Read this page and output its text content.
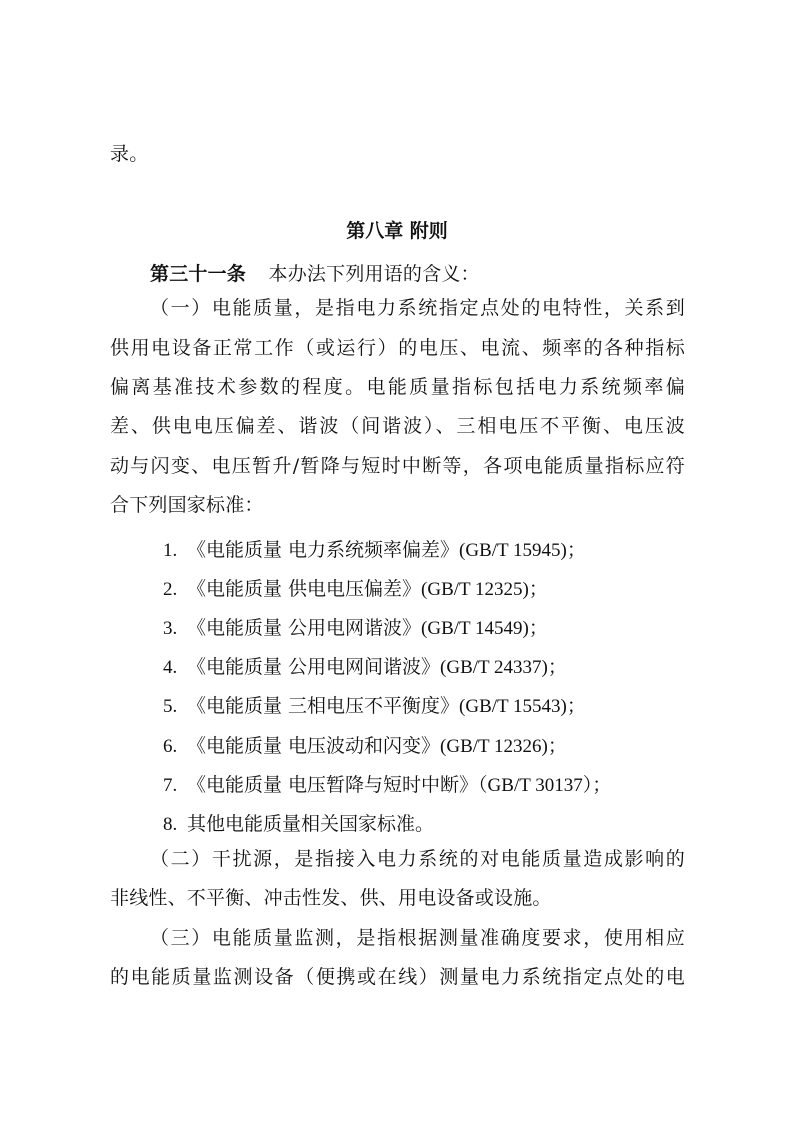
录。
第八章 附则
第三十一条 本办法下列用语的含义：
（一）电能质量，是指电力系统指定点处的电特性，关系到
供用电设备正常工作（或运行）的电压、电流、频率的各种指标
偏离基准技术参数的程度。电能质量指标包括电力系统频率偏
差、供电电压偏差、谐波（间谐波）、三相电压不平衡、电压波
动与闪变、电压暂升/暂降与短时中断等，各项电能质量指标应符
合下列国家标准：
1. 《电能质量 电力系统频率偏差》(GB/T 15945)；
2. 《电能质量 供电电压偏差》(GB/T 12325)；
3. 《电能质量 公用电网谐波》(GB/T 14549)；
4. 《电能质量 公用电网间谐波》(GB/T 24337)；
5. 《电能质量 三相电压不平衡度》(GB/T 15543)；
6. 《电能质量 电压波动和闪变》(GB/T 12326)；
7. 《电能质量 电压暂降与短时中断》（GB/T 30137）；
8. 其他电能质量相关国家标准。
（二）干扰源，是指接入电力系统的对电能质量造成影响的
非线性、不平衡、冲击性发、供、用电设备或设施。
（三）电能质量监测，是指根据测量准确度要求，使用相应
的电能质量监测设备（便携或在线）测量电力系统指定点处的电
